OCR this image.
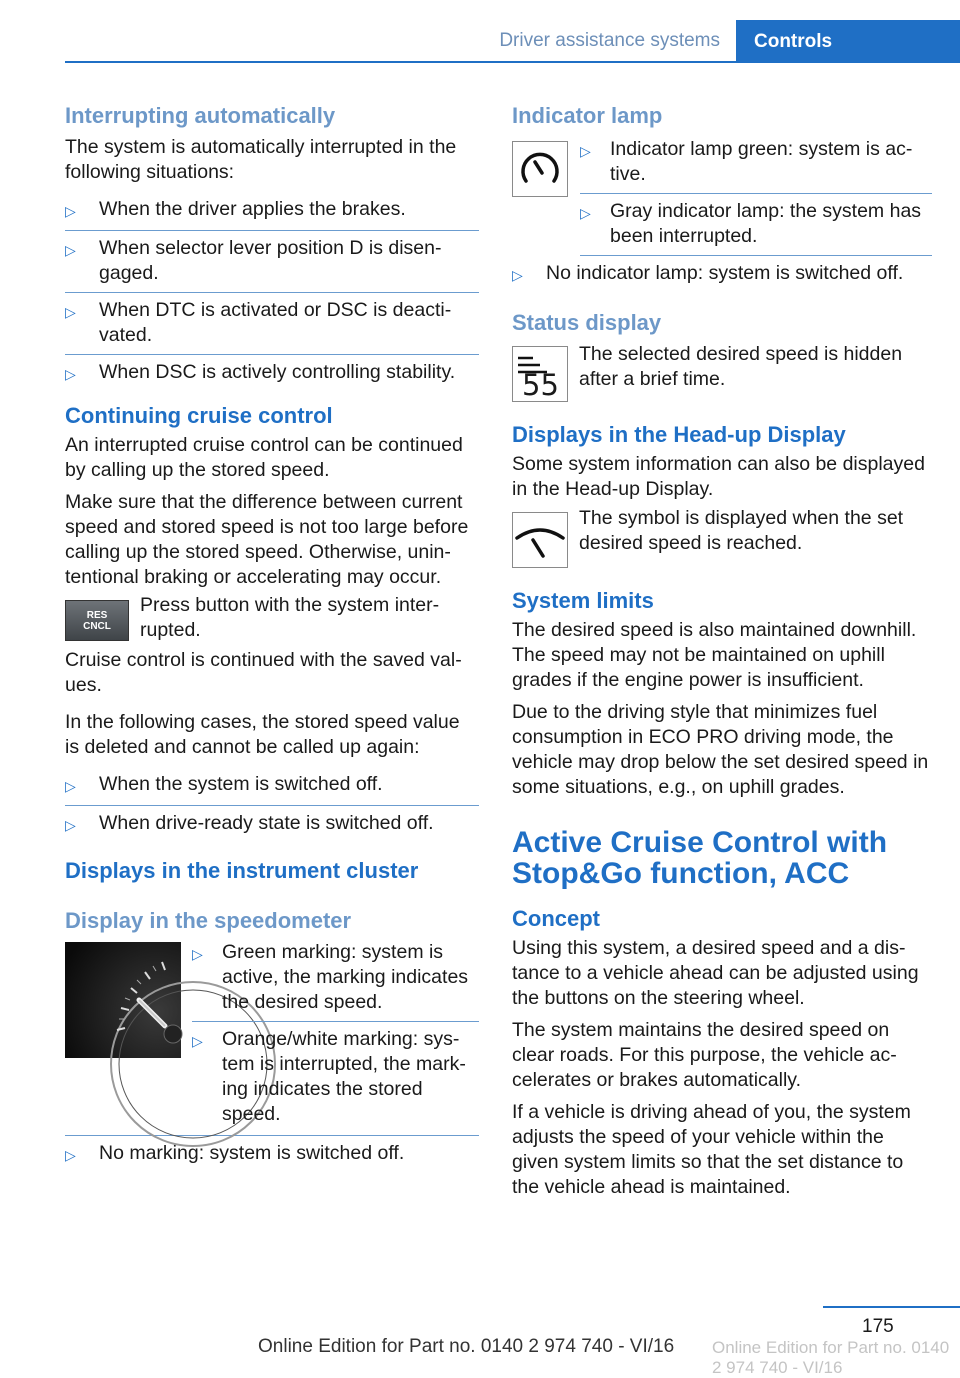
Driver assistance systems	Controls
Interrupting automatically
The system is automatically interrupted in the following situations:
▷	When the driver applies the brakes.
▷	When selector lever position D is disengaged.
▷	When DTC is activated or DSC is deactivated.
▷	When DSC is actively controlling stability.
Continuing cruise control
An interrupted cruise control can be continued by calling up the stored speed.
Make sure that the difference between current speed and stored speed is not too large before calling up the stored speed. Otherwise, unintentional braking or accelerating may occur.
RES
CNCL
Press button with the system interrupted.
Cruise control is continued with the saved values.
In the following cases, the stored speed value is deleted and cannot be called up again:
▷	When the system is switched off.
▷	When drive-ready state is switched off.
Displays in the instrument cluster
Display in the speedometer
▷ Green marking: system is active, the marking indicates the desired speed.
▷ Orange/white marking: system is interrupted, the marking indicates the stored speed.
▷	No marking: system is switched off.
Indicator lamp
▷ Indicator lamp green: system is active.
▷ Gray indicator lamp: the system has been interrupted.
▷	No indicator lamp: system is switched off.
Status display
55
The selected desired speed is hidden after a brief time.
Displays in the Head-up Display
Some system information can also be displayed in the Head-up Display.
The symbol is displayed when the set desired speed is reached.
System limits
The desired speed is also maintained downhill. The speed may not be maintained on uphill grades if the engine power is insufficient.
Due to the driving style that minimizes fuel consumption in ECO PRO driving mode, the vehicle may drop below the set desired speed in some situations, e.g., on uphill grades.
Active Cruise Control with Stop&Go function, ACC
Concept
Using this system, a desired speed and a distance to a vehicle ahead can be adjusted using the buttons on the steering wheel.
The system maintains the desired speed on clear roads. For this purpose, the vehicle accelerates or brakes automatically.
If a vehicle is driving ahead of you, the system adjusts the speed of your vehicle within the given system limits so that the set distance to the vehicle ahead is maintained.
175
Online Edition for Part no. 0140 2 974 740 - VI/16 Online Edition for Part no. 0140 2 974 740 - VI/16
